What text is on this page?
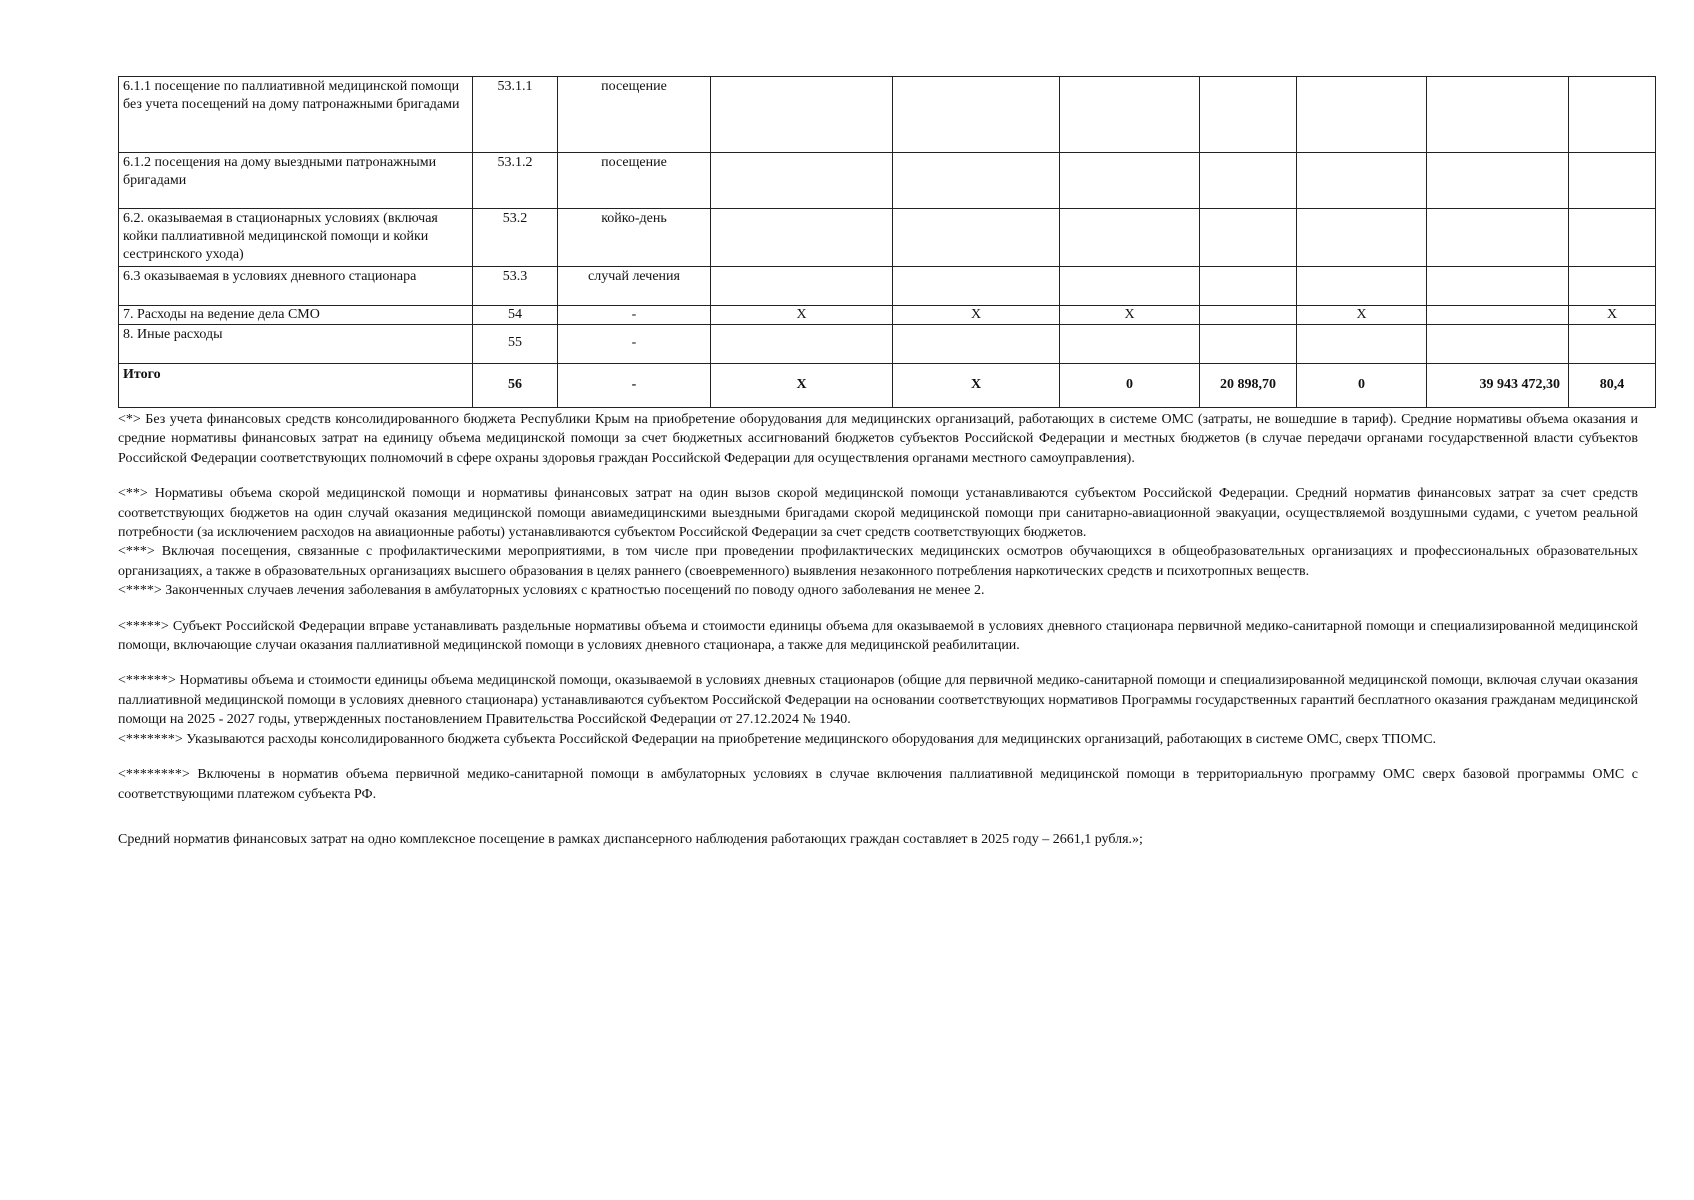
6.1.1 посещение по паллиативной медицинской помощи без учета посещений на дому патронажными бригадами	53.1.1	посещение							
6.1.2 посещения на дому выездными патронажными бригадами	53.1.2	посещение							
6.2. оказываемая в стационарных условиях (включая койки паллиативной медицинской помощи и койки сестринского ухода)	53.2	койко-день							
6.3 оказываемая в условиях дневного стационара	53.3	случай лечения							
7. Расходы на ведение дела СМО	54	-	X	X	X		X		X
8. Иные расходы	55	-							
Итого	56	-	X	X	0	20 898,70	0	39 943 472,30	80,4

<*> Без учета финансовых средств консолидированного бюджета Республики Крым на приобретение оборудования для медицинских организаций, работающих в системе ОМС (затраты, не вошедшие в тариф). Средние нормативы объема оказания и средние нормативы финансовых затрат на единицу объема медицинской помощи за счет бюджетных ассигнований бюджетов субъектов Российской Федерации и местных бюджетов (в случае передачи органами государственной власти субъектов Российской Федерации соответствующих полномочий в сфере охраны здоровья граждан Российской Федерации для осуществления органами местного самоуправления).

<**> Нормативы объема скорой медицинской помощи и нормативы финансовых затрат на один вызов скорой медицинской помощи устанавливаются субъектом Российской Федерации. Средний норматив финансовых затрат за счет средств соответствующих бюджетов на один случай оказания медицинской помощи авиамедицинскими выездными бригадами скорой медицинской помощи при санитарно-авиационной эвакуации, осуществляемой воздушными судами, с учетом реальной потребности (за исключением расходов на авиационные работы) устанавливаются субъектом Российской Федерации за счет средств соответствующих бюджетов.

<***> Включая посещения, связанные с профилактическими мероприятиями, в том числе при проведении профилактических медицинских осмотров обучающихся в общеобразовательных организациях и профессиональных образовательных организациях, а также в образовательных организациях высшего образования в целях раннего (своевременного) выявления незаконного потребления наркотических средств и психотропных веществ.

<****> Законченных случаев лечения заболевания в амбулаторных условиях с кратностью посещений по поводу одного заболевания не менее 2.

<*****> Субъект Российской Федерации вправе устанавливать раздельные нормативы объема и стоимости единицы объема для оказываемой в условиях дневного стационара первичной медико-санитарной помощи и специализированной медицинской помощи, включающие случаи оказания паллиативной медицинской помощи в условиях дневного стационара, а также для медицинской реабилитации.

<******> Нормативы объема и стоимости единицы объема медицинской помощи, оказываемой в условиях дневных стационаров (общие для первичной медико-санитарной помощи и специализированной медицинской помощи, включая случаи оказания паллиативной медицинской помощи в условиях дневного стационара) устанавливаются субъектом Российской Федерации на основании соответствующих нормативов Программы государственных гарантий бесплатного оказания гражданам медицинской помощи на 2025 - 2027 годы, утвержденных постановлением Правительства Российской Федерации от 27.12.2024 № 1940.

<*******> Указываются расходы консолидированного бюджета субъекта Российской Федерации на приобретение медицинского оборудования для медицинских организаций, работающих в системе ОМС, сверх ТПОМС.

<********> Включены в норматив объема первичной медико-санитарной помощи в амбулаторных условиях в случае включения паллиативной медицинской помощи в территориальную программу ОМС сверх базовой программы ОМС с соответствующими платежом субъекта РФ.

Средний норматив финансовых затрат на одно комплексное посещение в рамках диспансерного наблюдения работающих граждан составляет в 2025 году – 2661,1 рубля.»;
